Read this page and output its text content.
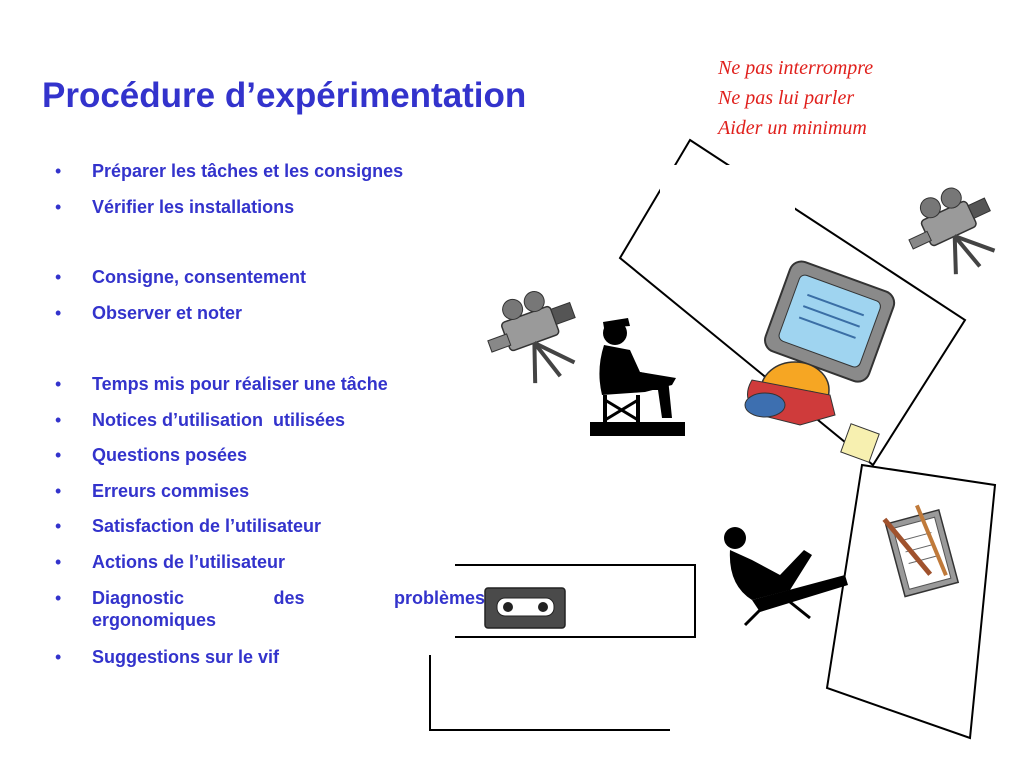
Procédure d’expérimentation
Ne pas interrompre
Ne pas lui parler
Aider un minimum
•	Préparer les tâches et les consignes
•	Vérifier les installations
•	Consigne, consentement
•	Observer et noter
•	Temps mis pour réaliser une tâche
•	Notices d’utilisation  utilisées
•	Questions posées
•	Erreurs commises
•	Satisfaction de l’utilisateur
•	Actions de l’utilisateur
•	Diagnostic des problèmes
ergonomiques
•	Suggestions sur le vif
